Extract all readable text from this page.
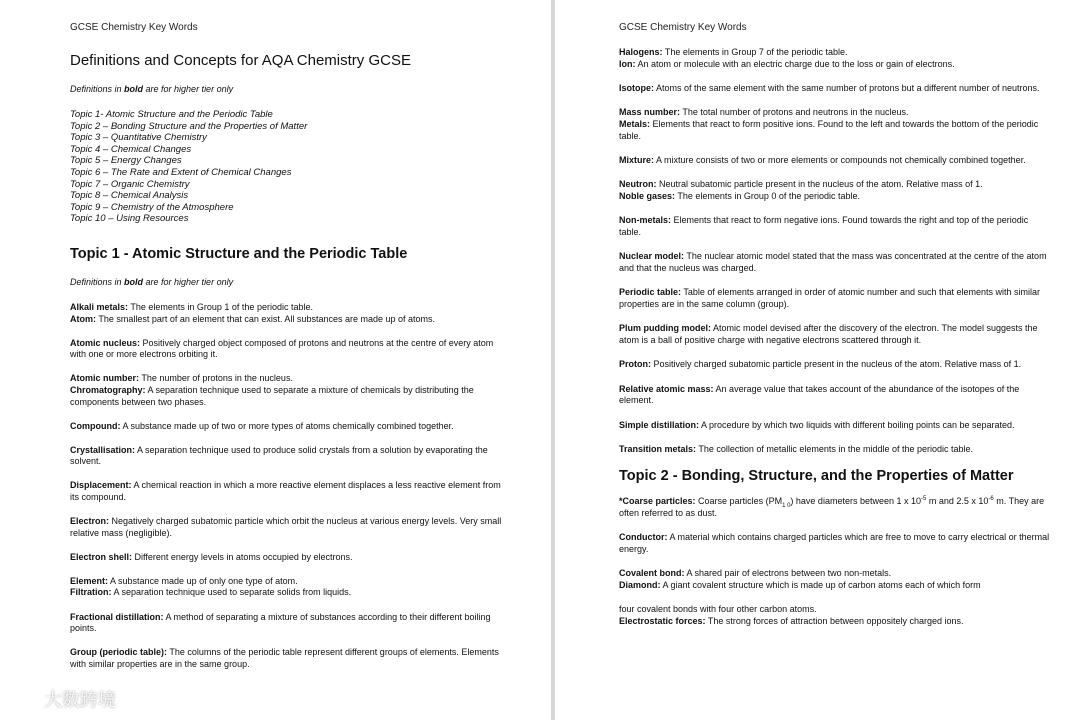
GCSE Chemistry Key Words
Definitions and Concepts for AQA Chemistry GCSE

Definitions in bold are for higher tier only

Topic 1- Atomic Structure and the Periodic Table
Topic 2 – Bonding Structure and the Properties of Matter
Topic 3 – Quantitative Chemistry
Topic 4 – Chemical Changes
Topic 5 – Energy Changes
Topic 6 – The Rate and Extent of Chemical Changes
Topic 7 – Organic Chemistry
Topic 8 – Chemical Analysis
Topic 9 – Chemistry of the Atmosphere
Topic 10 – Using Resources
Topic 1 - Atomic Structure and the Periodic Table

Definitions in bold are for higher tier only

Alkali metals: The elements in Group 1 of the periodic table.

Atom: The smallest part of an element that can exist. All substances are made up of atoms.

Atomic nucleus: Positively charged object composed of protons and neutrons at the centre of every atom with one or more electrons orbiting it.

Atomic number: The number of protons in the nucleus.

Chromatography: A separation technique used to separate a mixture of chemicals by distributing the components between two phases.

Compound: A substance made up of two or more types of atoms chemically combined together.

Crystallisation: A separation technique used to produce solid crystals from a solution by evaporating the solvent.

Displacement: A chemical reaction in which a more reactive element displaces a less reactive element from its compound.

Electron: Negatively charged subatomic particle which orbit the nucleus at various energy levels. Very small relative mass (negligible).

Electron shell: Different energy levels in atoms occupied by electrons.

Element: A substance made up of only one type of atom.

Filtration: A separation technique used to separate solids from liquids.

Fractional distillation: A method of separating a mixture of substances according to their different boiling points.

Group (periodic table): The columns of the periodic table represent different groups of elements. Elements with similar properties are in the same group.

GCSE Chemistry Key Words

Halogens: The elements in Group 7 of the periodic table.

Ion: An atom or molecule with an electric charge due to the loss or gain of electrons.

Isotope: Atoms of the same element with the same number of protons but a different number of neutrons.

Mass number: The total number of protons and neutrons in the nucleus.

Metals: Elements that react to form positive ions. Found to the left and towards the bottom of the periodic table.

Mixture: A mixture consists of two or more elements or compounds not chemically combined together.

Neutron: Neutral subatomic particle present in the nucleus of the atom. Relative mass of 1.

Noble gases: The elements in Group 0 of the periodic table.

Non-metals: Elements that react to form negative ions. Found towards the right and top of the periodic table.

Nuclear model: The nuclear atomic model stated that the mass was concentrated at the centre of the atom and that the nucleus was charged.

Periodic table: Table of elements arranged in order of atomic number and such that elements with similar properties are in the same column (group).

Plum pudding model: Atomic model devised after the discovery of the electron. The model suggests the atom is a ball of positive charge with negative electrons scattered through it.

Proton: Positively charged subatomic particle present in the nucleus of the atom. Relative mass of 1.

Relative atomic mass: An average value that takes account of the abundance of the isotopes of the element.

Simple distillation: A procedure by which two liquids with different boiling points can be separated.

Transition metals: The collection of metallic elements in the middle of the periodic table.

Topic 2 - Bonding, Structure, and the Properties of Matter

*Coarse particles: Coarse particles $(PM_{1 0})$ have diameters between 1 x $10^{-5}$ m and 2.5 x $10^{-6}$ m. They are often referred to as dust.

Conductor: A material which contains charged particles which are free to move to carry electrical or thermal energy.

Covalent bond: A shared pair of electrons between two non-metals.

Diamond: A giant covalent structure which is made up of carbon atoms each of which form

four covalent bonds with four other carbon atoms.

Electrostatic forces: The strong forces of attraction between oppositely charged ions.

大数跨境
